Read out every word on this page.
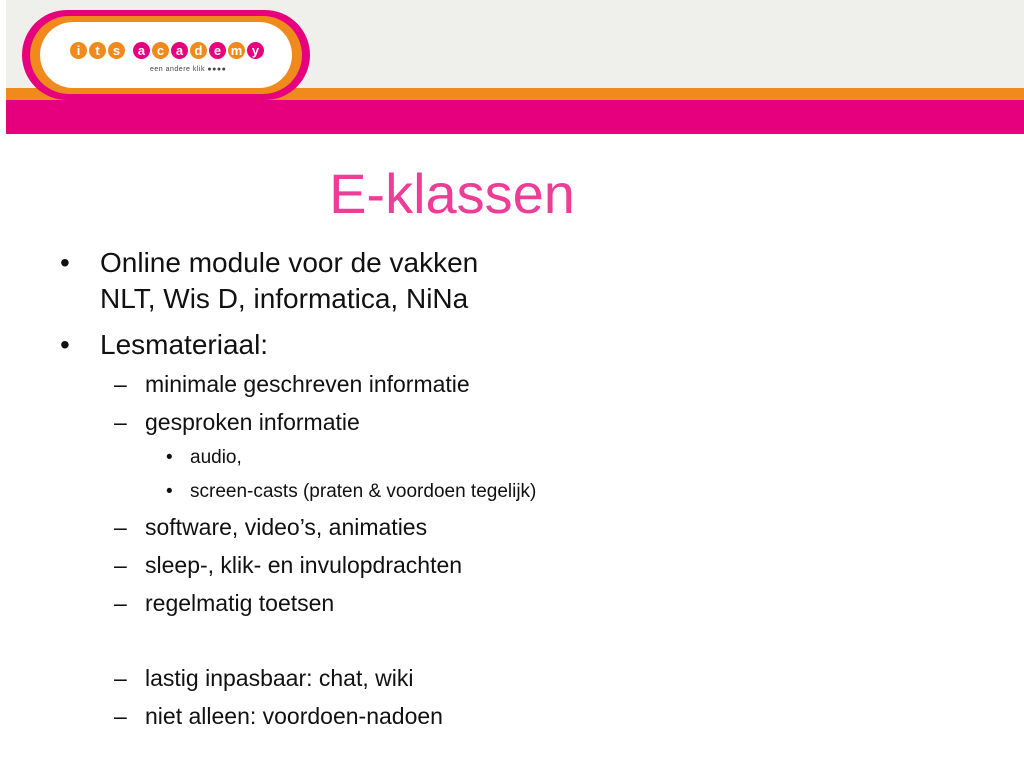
i	t	s	a c a d e m y
een andere klik ●●●●
E-klassen
• Online module voor de vakken
NLT, Wis D, informatica, NiNa
• Lesmateriaal:
– minimale geschreven informatie
– gesproken informatie
• audio,
• screen-casts (praten & voordoen tegelijk)
– software, video’s, animaties
– sleep-, klik- en invulopdrachten
– regelmatig toetsen
– lastig inpasbaar: chat, wiki
– niet alleen: voordoen-nadoen
